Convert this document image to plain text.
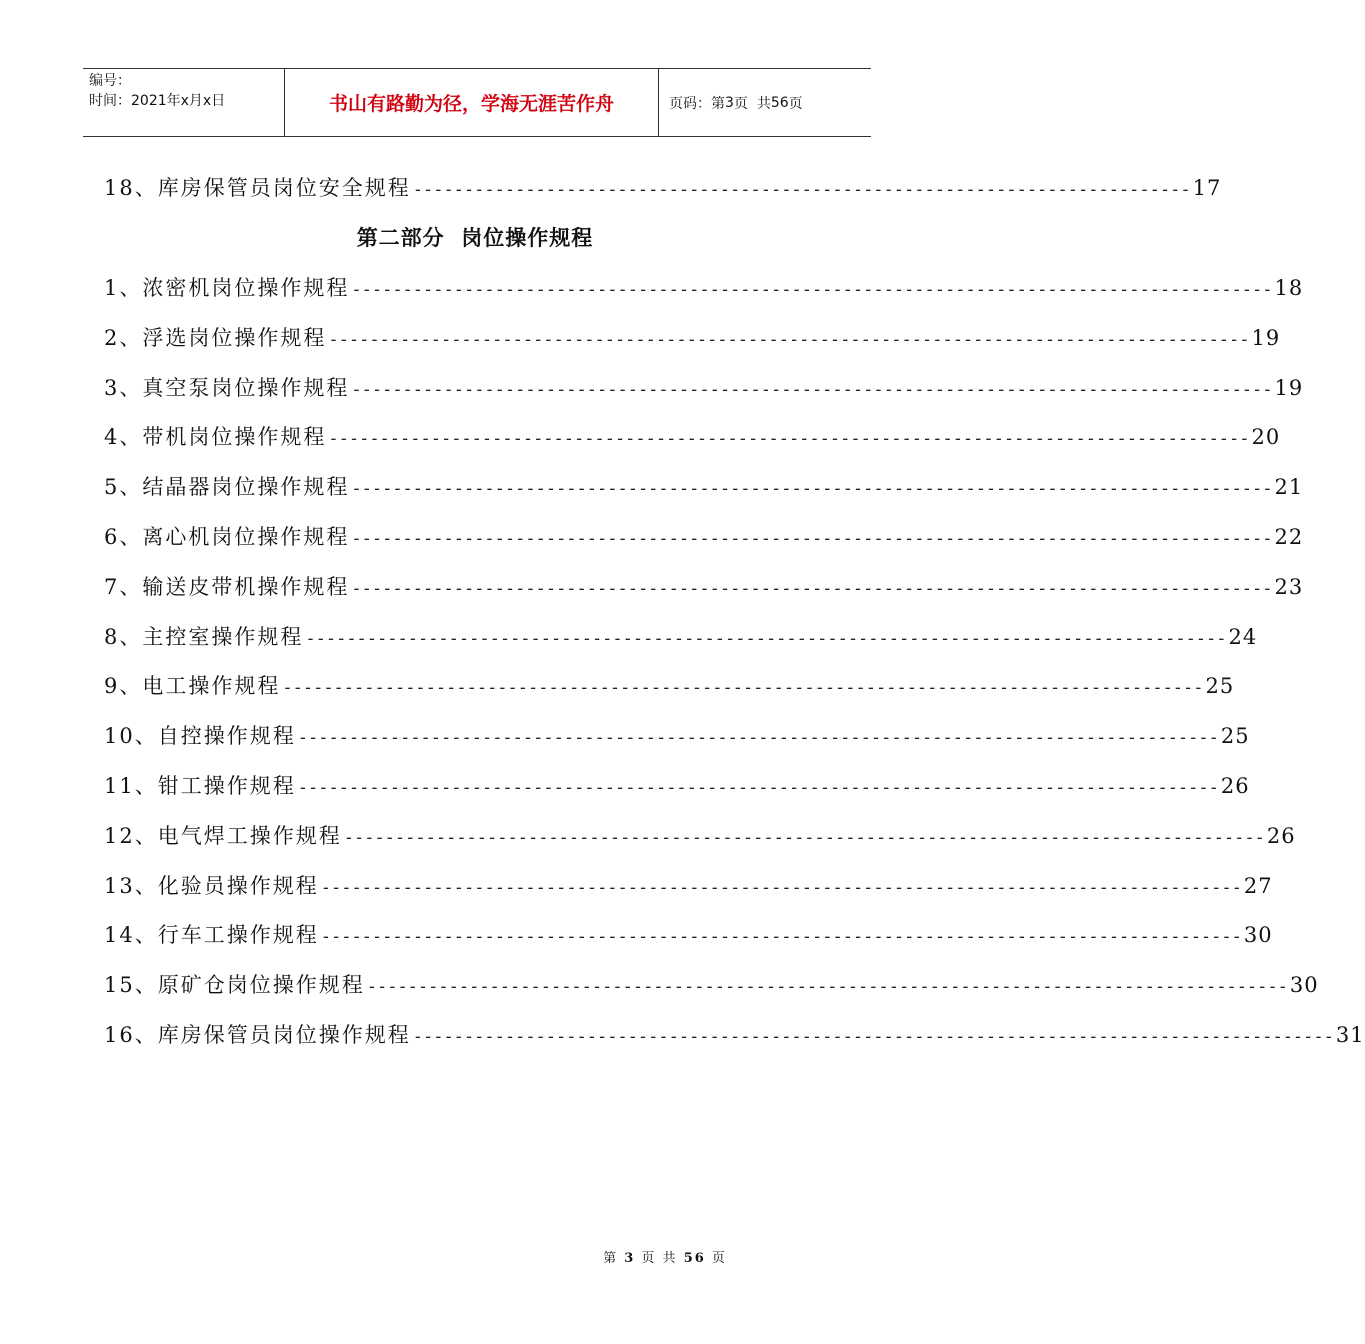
编号：
时间：2021年x月x日	书山有路勤为径，学海无涯苦作舟	页码：第 3 页  共 56 页
18、库房保管员岗位安全规程 ---------------------------------------------------------------------------- 17
第二部分  岗位操作规程
1、浓密机岗位操作规程 ------------------------------------------------------------------------------------------ 18
2、浮选岗位操作规程 ------------------------------------------------------------------------------------------ 19
3、真空泵岗位操作规程 ------------------------------------------------------------------------------------------ 19
4、带机岗位操作规程 ------------------------------------------------------------------------------------------ 20
5、结晶器岗位操作规程 ------------------------------------------------------------------------------------------ 21
6、离心机岗位操作规程 ------------------------------------------------------------------------------------------ 22
7、输送皮带机操作规程 ------------------------------------------------------------------------------------------ 23
8、主控室操作规程 ------------------------------------------------------------------------------------------ 24
9、电工操作规程 ------------------------------------------------------------------------------------------ 25
10、自控操作规程 ------------------------------------------------------------------------------------------ 25
11、钳工操作规程 ------------------------------------------------------------------------------------------ 26
12、电气焊工操作规程 ------------------------------------------------------------------------------------------ 26
13、化验员操作规程 ------------------------------------------------------------------------------------------ 27
14、行车工操作规程 ------------------------------------------------------------------------------------------ 30
15、原矿仓岗位操作规程 ------------------------------------------------------------------------------------------ 30
16、库房保管员岗位操作规程 ------------------------------------------------------------------------------------------ 31
第 3 页 共 56 页
